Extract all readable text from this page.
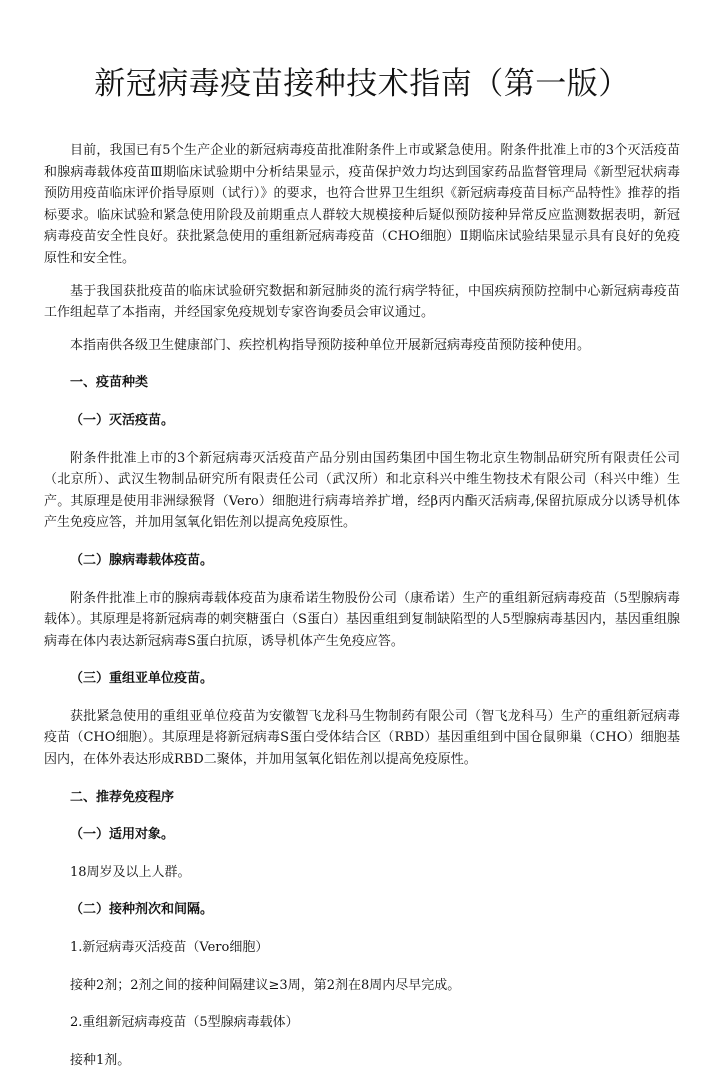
新冠病毒疫苗接种技术指南（第一版）

目前，我国已有5个生产企业的新冠病毒疫苗批准附条件上市或紧急使用。附条件批准上市的3个灭活疫苗和腺病毒载体疫苗Ⅲ期临床试验期中分析结果显示，疫苗保护效力均达到国家药品监督管理局《新型冠状病毒预防用疫苗临床评价指导原则（试行）》的要求，也符合世界卫生组织《新冠病毒疫苗目标产品特性》推荐的指标要求。临床试验和紧急使用阶段及前期重点人群较大规模接种后疑似预防接种异常反应监测数据表明，新冠病毒疫苗安全性良好。获批紧急使用的重组新冠病毒疫苗（CHO细胞）Ⅱ期临床试验结果显示具有良好的免疫原性和安全性。

基于我国获批疫苗的临床试验研究数据和新冠肺炎的流行病学特征，中国疾病预防控制中心新冠病毒疫苗工作组起草了本指南，并经国家免疫规划专家咨询委员会审议通过。

本指南供各级卫生健康部门、疾控机构指导预防接种单位开展新冠病毒疫苗预防接种使用。

一、疫苗种类

（一）灭活疫苗。

附条件批准上市的3个新冠病毒灭活疫苗产品分别由国药集团中国生物北京生物制品研究所有限责任公司（北京所）、武汉生物制品研究所有限责任公司（武汉所）和北京科兴中维生物技术有限公司（科兴中维）生产。其原理是使用非洲绿猴肾（Vero）细胞进行病毒培养扩增，经β丙内酯灭活病毒,保留抗原成分以诱导机体产生免疫应答，并加用氢氧化铝佐剂以提高免疫原性。

（二）腺病毒载体疫苗。

附条件批准上市的腺病毒载体疫苗为康希诺生物股份公司（康希诺）生产的重组新冠病毒疫苗（5型腺病毒载体）。其原理是将新冠病毒的刺突糖蛋白（S蛋白）基因重组到复制缺陷型的人5型腺病毒基因内，基因重组腺病毒在体内表达新冠病毒S蛋白抗原，诱导机体产生免疫应答。

（三）重组亚单位疫苗。

获批紧急使用的重组亚单位疫苗为安徽智飞龙科马生物制药有限公司（智飞龙科马）生产的重组新冠病毒疫苗（CHO细胞）。其原理是将新冠病毒S蛋白受体结合区（RBD）基因重组到中国仓鼠卵巢（CHO）细胞基因内，在体外表达形成RBD二聚体，并加用氢氧化铝佐剂以提高免疫原性。

二、推荐免疫程序

（一）适用对象。

18周岁及以上人群。

（二）接种剂次和间隔。

1.新冠病毒灭活疫苗（Vero细胞）

接种2剂；2剂之间的接种间隔建议≥3周，第2剂在8周内尽早完成。

2.重组新冠病毒疫苗（5型腺病毒载体）

接种1剂。
